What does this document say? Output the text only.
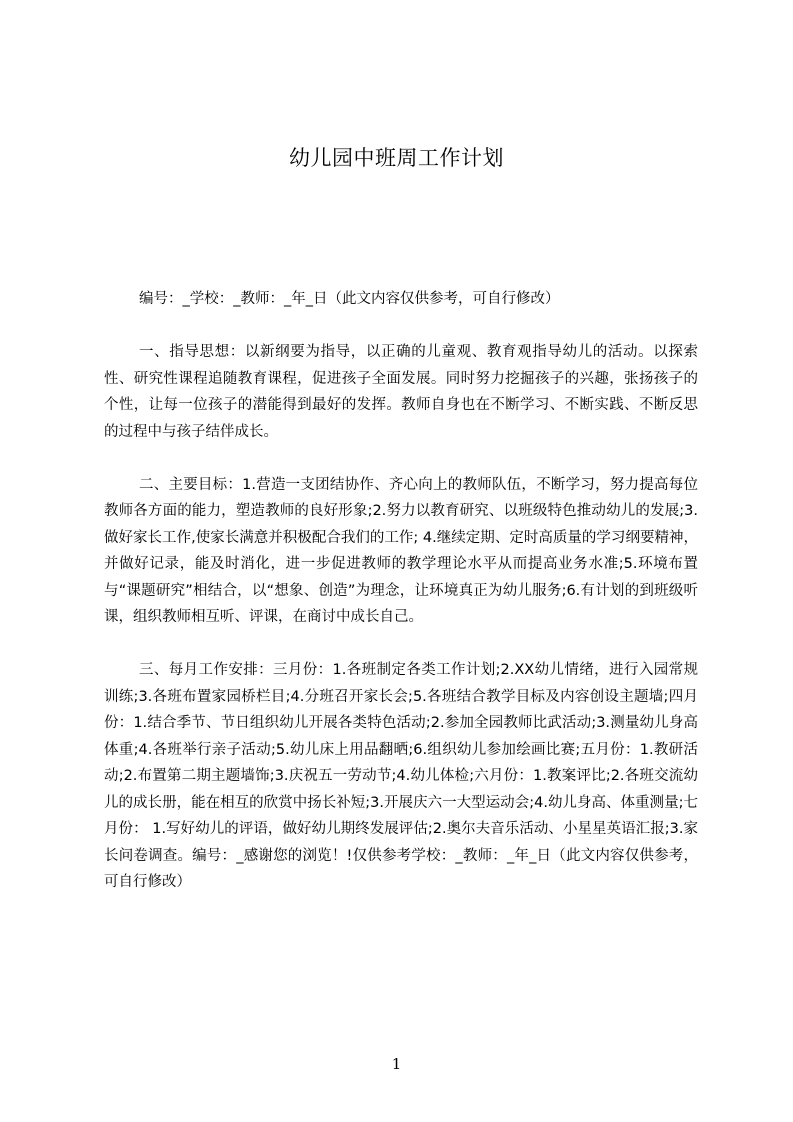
幼儿园中班周工作计划

编号：_学校：_教师：_年_日（此文内容仅供参考，可自行修改）

一、指导思想：以新纲要为指导，以正确的儿童观、教育观指导幼儿的活动。以探索性、研究性课程追随教育课程，促进孩子全面发展。同时努力挖掘孩子的兴趣，张扬孩子的个性，让每一位孩子的潜能得到最好的发挥。教师自身也在不断学习、不断实践、不断反思的过程中与孩子结伴成长。

二、主要目标：1.营造一支团结协作、齐心向上的教师队伍，不断学习，努力提高每位教师各方面的能力，塑造教师的良好形象;2.努力以教育研究、以班级特色推动幼儿的发展;3.做好家长工作,使家长满意并积极配合我们的工作; 4.继续定期、定时高质量的学习纲要精神，并做好记录，能及时消化，进一步促进教师的教学理论水平从而提高业务水准;5.环境布置与“课题研究”相结合，以“想象、创造”为理念，让环境真正为幼儿服务;6.有计划的到班级听课，组织教师相互听、评课，在商讨中成长自己。

三、每月工作安排：三月份：1.各班制定各类工作计划;2.XX幼儿情绪，进行入园常规训练;3.各班布置家园桥栏目;4.分班召开家长会;5.各班结合教学目标及内容创设主题墙;四月份：1.结合季节、节日组织幼儿开展各类特色活动;2.参加全园教师比武活动;3.测量幼儿身高体重;4.各班举行亲子活动;5.幼儿床上用品翻晒;6.组织幼儿参加绘画比赛;五月份：1.教研活动;2.布置第二期主题墙饰;3.庆祝五一劳动节;4.幼儿体检;六月份：1.教案评比;2.各班交流幼儿的成长册，能在相互的欣赏中扬长补短;3.开展庆六一大型运动会;4.幼儿身高、体重测量;七月份： 1.写好幼儿的评语，做好幼儿期终发展评估;2.奥尔夫音乐活动、小星星英语汇报;3.家长问卷调查。编号：_感谢您的浏览！!仅供参考学校：_教师：_年_日（此文内容仅供参考，可自行修改）

1
